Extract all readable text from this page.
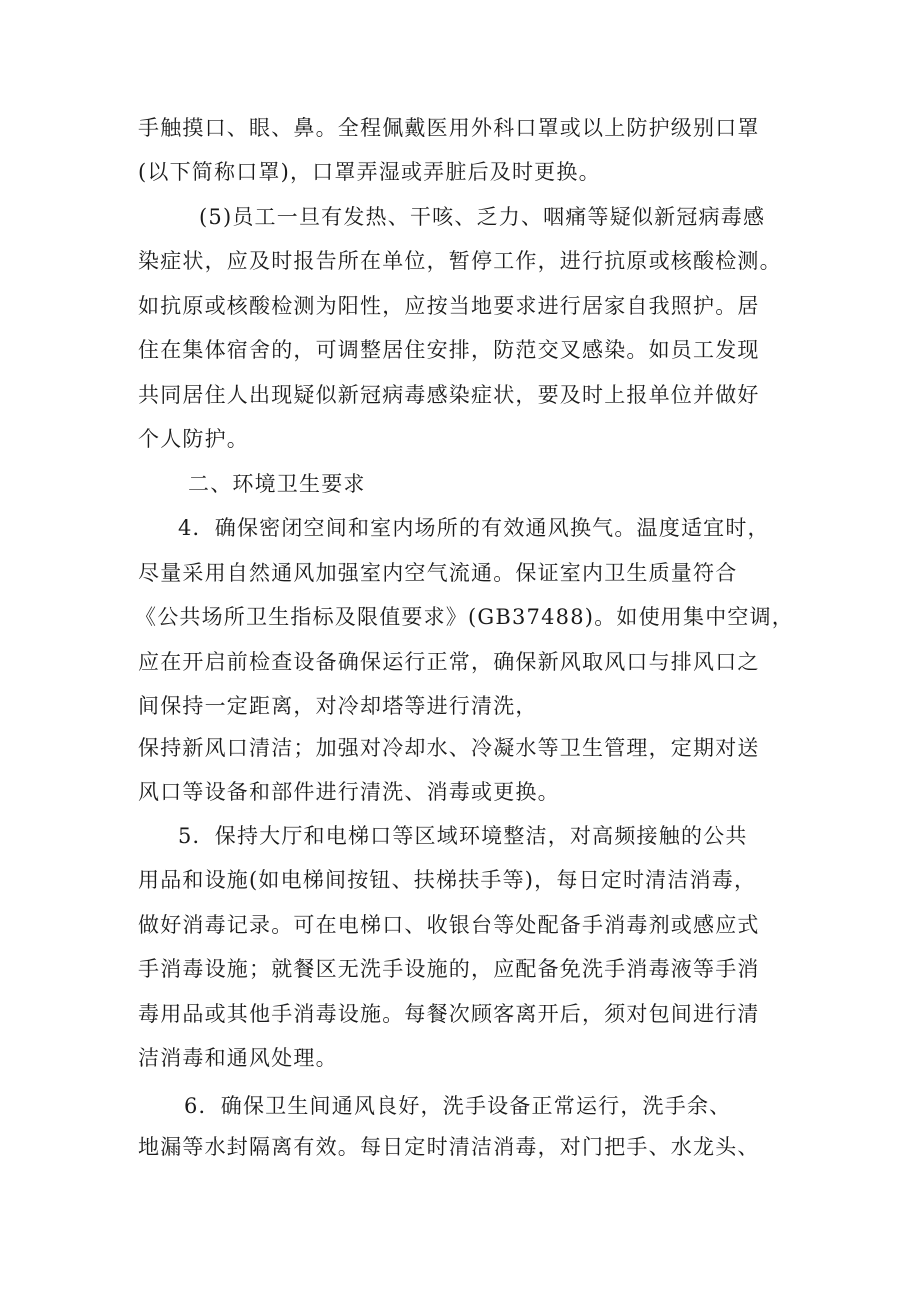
手触摸口、眼、鼻。全程佩戴医用外科口罩或以上防护级别口罩
(以下简称口罩)，口罩弄湿或弄脏后及时更换。
(5)员工一旦有发热、干咳、乏力、咽痛等疑似新冠病毒感
染症状，应及时报告所在单位，暂停工作，进行抗原或核酸检测。
如抗原或核酸检测为阳性，应按当地要求进行居家自我照护。居
住在集体宿舍的，可调整居住安排，防范交叉感染。如员工发现
共同居住人出现疑似新冠病毒感染症状，要及时上报单位并做好
个人防护。
二、环境卫生要求
4．确保密闭空间和室内场所的有效通风换气。温度适宜时，
尽量采用自然通风加强室内空气流通。保证室内卫生质量符合
《公共场所卫生指标及限值要求》(GB37488)。如使用集中空调，
应在开启前检查设备确保运行正常，确保新风取风口与排风口之
间保持一定距离，对冷却塔等进行清洗，
保持新风口清洁；加强对冷却水、冷凝水等卫生管理，定期对送
风口等设备和部件进行清洗、消毒或更换。
5．保持大厅和电梯口等区域环境整洁，对高频接触的公共
用品和设施(如电梯间按钮、扶梯扶手等)，每日定时清洁消毒，
做好消毒记录。可在电梯口、收银台等处配备手消毒剂或感应式
手消毒设施；就餐区无洗手设施的，应配备免洗手消毒液等手消
毒用品或其他手消毒设施。每餐次顾客离开后，须对包间进行清
洁消毒和通风处理。
6．确保卫生间通风良好，洗手设备正常运行，洗手余、
地漏等水封隔离有效。每日定时清洁消毒，对门把手、水龙头、
